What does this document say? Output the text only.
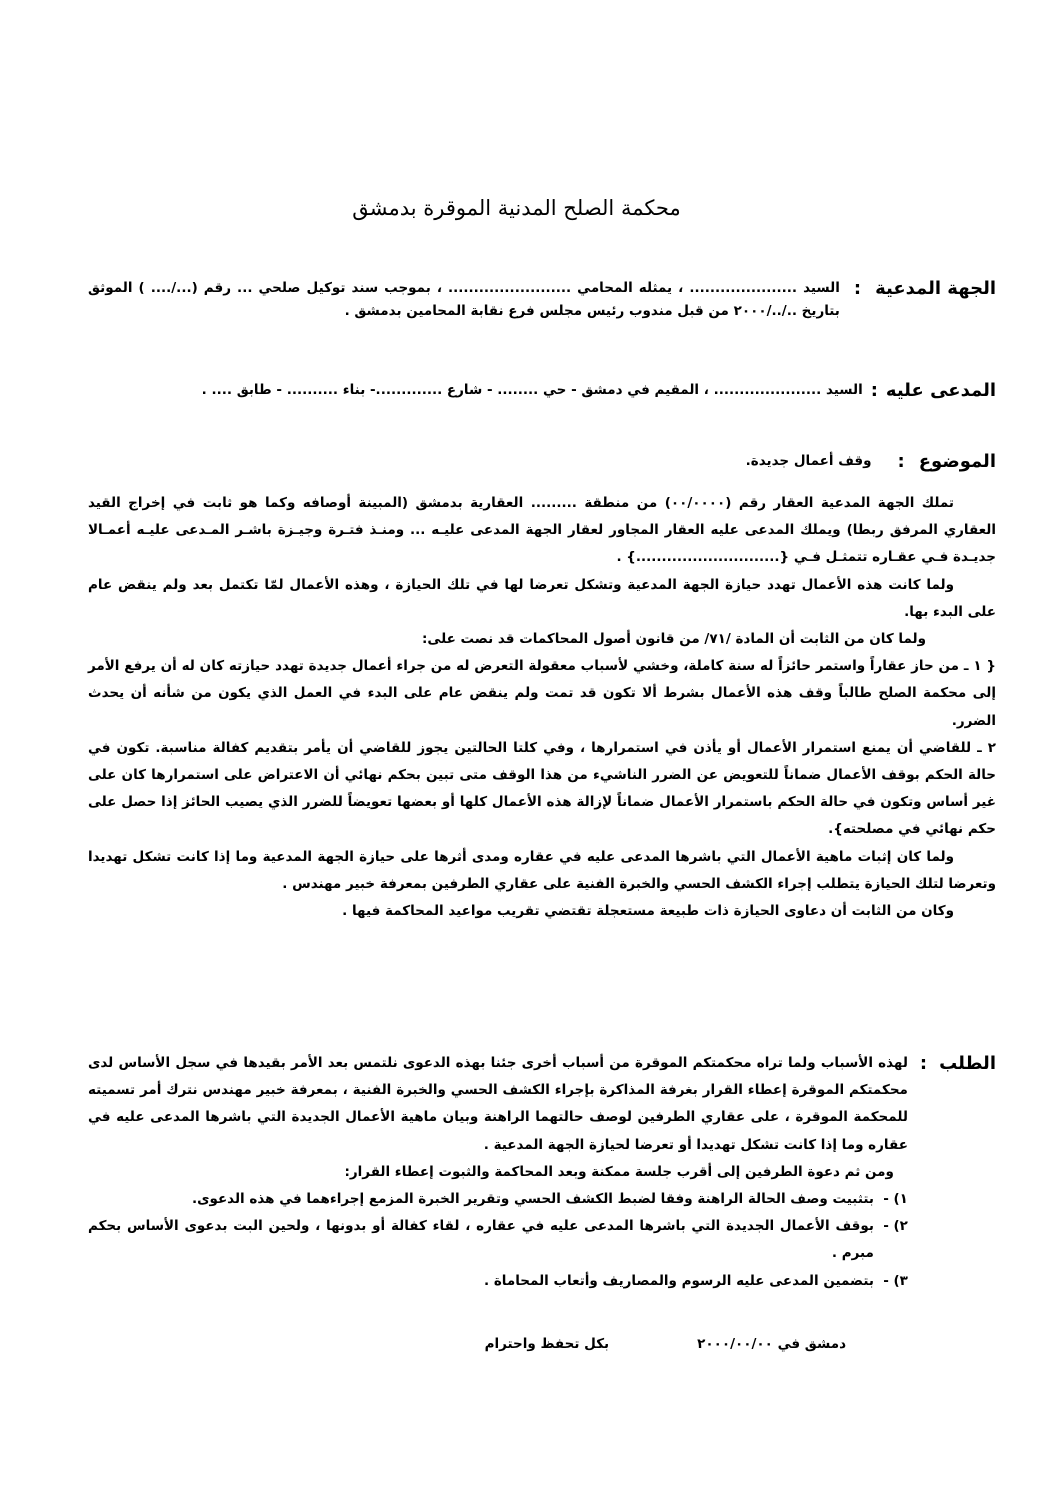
محكمة الصلح المدنية الموقرة بدمشق
الجهة المدعية
:

السيد ..................... ، يمثله المحامي ........................ ، بموجب سند توكيل صلحي ... رقم (.../.... ) الموثق بتاريخ ../../٢٠٠٠ من قبل مندوب رئيس مجلس فرع نقابة المحامين بدمشق .

المدعى عليه
:

السيد ..................... ، المقيم في دمشق - حي ........ - شارع .............- بناء .......... - طابق .... .

الموضوع
:

وقف أعمال جديدة.

تملك الجهة المدعية العقار رقم (٠٠/٠٠٠٠) من منطقة ......... العقارية بدمشق (المبينة أوصافه وكما هو ثابت في إخراج القيد العقاري المرفق ربطا) ويملك المدعى عليه العقار المجاور لعقار الجهة المدعى عليـه ... ومنـذ فتـرة وجيـزة باشـر المـدعى عليـه أعمـالا جديـدة فـي عقـاره تتمثـل فـي {............................} .

ولما كانت هذه الأعمال تهدد حيازة الجهة المدعية وتشكل تعرضا لها في تلك الحيازة ، وهذه الأعمال لمّا تكتمل بعد ولم ينقض عام على البدء بها.

ولما كان من الثابت أن المادة /٧١/ من قانون أصول المحاكمات قد نصت على:

{ ١ ـ من حاز عقاراً واستمر حائزاً له سنة كاملة، وخشي لأسباب معقولة التعرض له من جراء أعمال جديدة تهدد حيازته كان له أن يرفع الأمر إلى محكمة الصلح طالباً وقف هذه الأعمال بشرط ألا تكون قد تمت ولم ينقض عام على البدء في العمل الذي يكون من شأنه أن يحدث الضرر.

٢ ـ للقاضي أن يمنع استمرار الأعمال أو يأذن في استمرارها ، وفي كلتا الحالتين يجوز للقاضي أن يأمر بتقديم كفالة مناسبة. تكون في حالة الحكم بوقف الأعمال ضماناً للتعويض عن الضرر الناشيء من هذا الوقف متى تبين بحكم نهائي أن الاعتراض على استمرارها كان على غير أساس وتكون في حالة الحكم باستمرار الأعمال ضماناً لإزالة هذه الأعمال كلها أو بعضها تعويضاً للضرر الذي يصيب الحائز إذا حصل على حكم نهائي في مصلحته}.

ولما كان إثبات ماهية الأعمال التي باشرها المدعى عليه في عقاره ومدى أثرها على حيازة الجهة المدعية وما إذا كانت تشكل تهديدا وتعرضا لتلك الحيازة يتطلب إجراء الكشف الحسي والخبرة الفنية على عقاري الطرفين بمعرفة خبير مهندس .

وكان من الثابت أن دعاوى الحيازة ذات طبيعة مستعجلة تقتضي تقريب مواعيد المحاكمة فيها .

الطلب
:

لهذه الأسباب ولما تراه محكمتكم الموقرة من أسباب أخرى جئنا بهذه الدعوى نلتمس بعد الأمر بقيدها في سجل الأساس لدى محكمتكم الموقرة إعطاء القرار بغرفة المذاكرة بإجراء الكشف الحسي والخبرة الفنية ، بمعرفة خبير مهندس نترك أمر تسميته للمحكمة الموقرة ، على عقاري الطرفين لوصف حالتهما الراهنة وبيان ماهية الأعمال الجديدة التي باشرها المدعى عليه في عقاره وما إذا كانت تشكل تهديدا أو تعرضا لحيازة الجهة المدعية .

ومن ثم دعوة الطرفين إلى أقرب جلسة ممكنة وبعد المحاكمة والثبوت إعطاء القرار:

١) -
بتثبيت وصف الحالة الراهنة وفقا لضبط الكشف الحسي وتقرير الخبرة المزمع إجراءهما في هذه الدعوى.
٢) -
بوقف الأعمال الجديدة التي باشرها المدعى عليه في عقاره ، لقاء كفالة أو بدونها ، ولحين البت بدعوى الأساس بحكم مبرم .
٣) -
بتضمين المدعى عليه الرسوم والمصاريف وأتعاب المحاماة .
دمشق في ٢٠٠٠/٠٠/٠٠بكل تحفظ واحترام
